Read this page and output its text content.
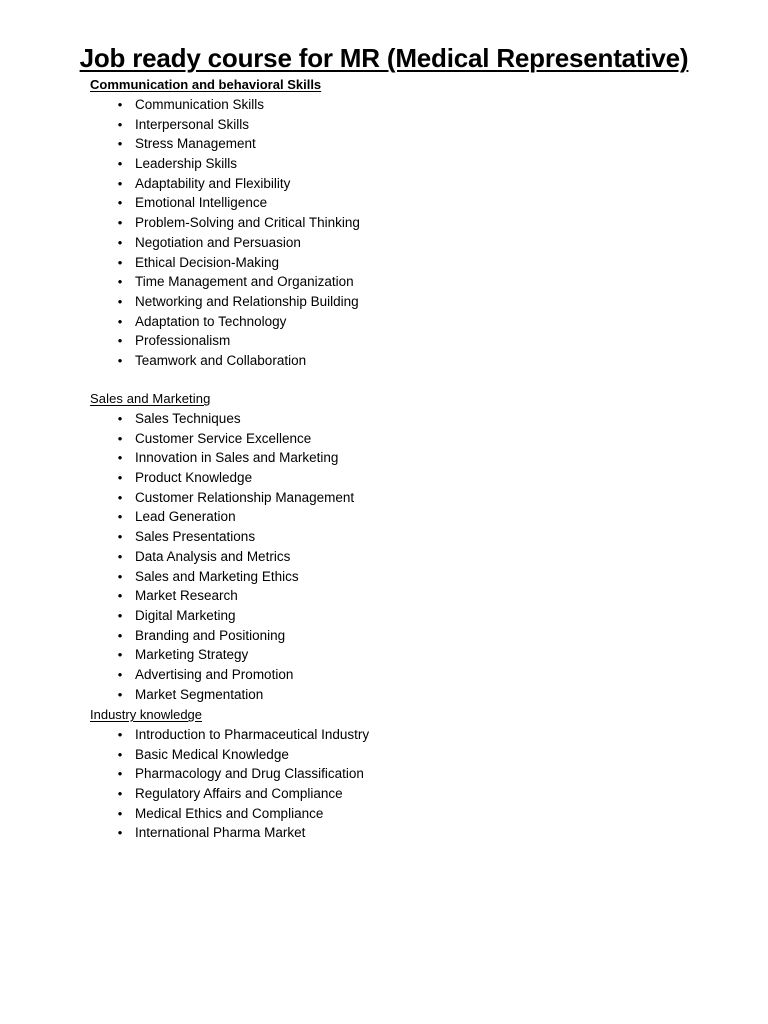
Job ready course for MR (Medical Representative)
Communication and behavioral Skills
• Communication Skills
• Interpersonal Skills
• Stress Management
• Leadership Skills
• Adaptability and Flexibility
• Emotional Intelligence
• Problem-Solving and Critical Thinking
• Negotiation and Persuasion
• Ethical Decision-Making
• Time Management and Organization
• Networking and Relationship Building
• Adaptation to Technology
• Professionalism
• Teamwork and Collaboration
Sales and Marketing
• Sales Techniques
• Customer Service Excellence
• Innovation in Sales and Marketing
• Product Knowledge
• Customer Relationship Management
• Lead Generation
• Sales Presentations
• Data Analysis and Metrics
• Sales and Marketing Ethics
• Market Research
• Digital Marketing
• Branding and Positioning
• Marketing Strategy
• Advertising and Promotion
• Market Segmentation
Industry knowledge
• Introduction to Pharmaceutical Industry
• Basic Medical Knowledge
• Pharmacology and Drug Classification
• Regulatory Affairs and Compliance
• Medical Ethics and Compliance
• International Pharma Market
